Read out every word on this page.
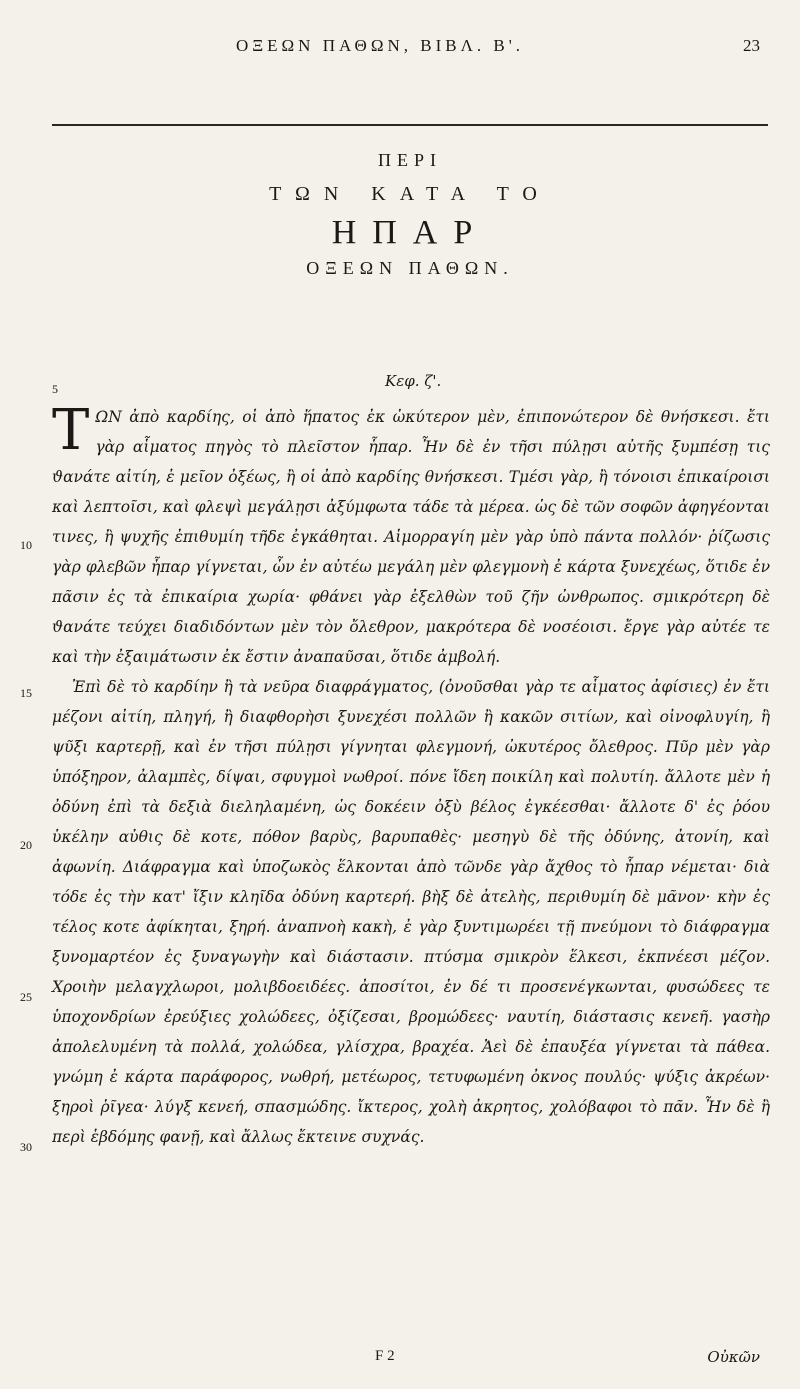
ΟΞΕΩΝ ΠΑΘΩΝ, ΒΙΒΛ. Β'.	23
ΠΕΡΙ
ΤΩΝ ΚΑΤΑ ΤΟ
ΗΠΑΡ
ΟΞΕΩΝ ΠΑΘΩΝ.
Κεφ. ζ'.
5
10
15
20
25
30

Τ ΩΝ ἀπὸ καρδίης, οἱ ἀπὸ ἥπατος ἐκ ὠκύτερον μὲν, ἐπιπονώτερον δὲ θνήσκεσι. ἔτι γὰρ αἷματος πηγὸς τὸ πλεῖστον ἧπαρ. Ἦν δὲ ἐν τῆσι πύλῃσι αὐτῆς ξυμπέσῃ τις ϑανάτε αἰτίη, ἐ μεῖον ὀξέως, ἢ οἱ ἀπὸ καρδίης θνήσκεσι. Τμέσι γὰρ, ἢ τόνοισι ἐπικαίροισι καὶ λεπτοῖσι, καὶ φλεψὶ μεγάλῃσι ἀξύμφωτα τάδε τὰ μέρεα. ὡς δὲ τῶν σοφῶν ἀφηγέονται τινες, ἢ ψυχῆς ἐπιθυμίη τῆδε ἐγκάθηται. Αἱμορραγίη μὲν γὰρ ὑπὸ πάντα πολλόν· ῥίζωσις γὰρ φλεβῶν ἧπαρ γίγνεται, ὧν ἐν αὐτέω μεγάλη μὲν φλεγμονὴ ἐ κάρτα ξυνεχέως, ὅτιδε ἐν πᾶσιν ἐς τὰ ἐπικαίρια χωρία· φθάνει γὰρ ἐξελθὼν τοῦ ζῆν ὠνθρωπος. σμικρότερη δὲ ϑανάτε τεύχει διαδιδόντων μὲν τὸν ὄλεθρον, μακρότερα δὲ νοσέοισι. ἔργε γὰρ αὐτέε τε καὶ τὴν ἐξαιμάτωσιν ἐκ ἔστιν ἀναπαῦσαι, ὅτιδε ἀμβολή.

Ἐπὶ δὲ τὸ καρδίην ἢ τὰ νεῦρα διαφράγματος, (ὀνοῦσθαι γὰρ τε αἷματος ἀφίσιες) ἐν ἔτι μέζονι αἰτίη, πληγή, ἢ διαφθορὴσι ξυνεχέσι πολλῶν ἢ κακῶν σιτίων, καὶ οἰνοφλυγίη, ἢ ψῦξι καρτερῇ, καὶ ἐν τῆσι πύλῃσι γίγνηται φλεγμονή, ὠκυτέρος ὄλεθρος. Πῦρ μὲν γὰρ ὑπόξηρον, ἀλαμπὲς, δίψαι, σφυγμοὶ νωθροί. πόνε ἴδεη ποικίλη καὶ πολυτίη. ἄλλοτε μὲν ἡ ὀδύνη ἐπὶ τὰ δεξιὰ διεληλαμένη, ὡς δοκέειν ὀξὺ βέλος ἐγκέεσθαι· ἄλλοτε δ' ἐς ῥόου ὑκέλην αὐθις δὲ κοτε, πόθον βαρὺς, βαρυπαθὲς· μεσηγὺ δὲ τῆς ὀδύνης, ἀτονίη, καὶ ἀφωνίη. Διάφραγμα καὶ ὑποζωκὸς ἕλκονται ἀπὸ τῶνδε γὰρ ἄχθος τὸ ἧπαρ νέμεται· διὰ τόδε ἐς τὴν κατ' ἴξιν κληῖδα ὀδύνη καρτερή. βὴξ δὲ ἀτελὴς, περιθυμίη δὲ μᾶνον· κὴν ἐς τέλος κοτε ἀφίκηται, ξηρή. ἀναπνοὴ κακὴ, ἐ γὰρ ξυντιμωρέει τῇ πνεύμονι τὸ διάφραγμα ξυνομαρτέον ἐς ξυναγωγὴν καὶ διάστασιν. πτύσμα σμικρὸν ἕλκεσι, ἐκπνέεσι μέζον. Χροιὴν μελαγχλωροι, μολιβδοειδέες. ἀποσίτοι, ἐν δέ τι προσενέγκωνται, φυσώδεες τε ὑποχονδρίων ἐρεύξιες χολώδεες, ὀξίζεσαι, βρομώδεες· ναυτίη, διάστασις κενεῆ. γασὴρ ἀπολελυμένη τὰ πολλά, χολώδεα, γλίσχρα, βραχέα. Ἀεὶ δὲ ἐπαυξέα γίγνεται τὰ πάθεα. γνώμη ἐ κάρτα παράφορος, νωθρή, μετέωρος, τετυφωμένη ὀκνος πουλύς· ψύξις ἀκρέων· ξηροὶ ῥῖγεα· λύγξ κενεή, σπασμώδης. ἴκτερος, χολὴ ἀκρητος, χολόβαφοι τὸ πᾶν. Ἦν δὲ ἢ περὶ ἑβδόμης φανῇ, καὶ ἄλλως ἔκτεινε συχνάς.

F 2	Οὐκῶν
